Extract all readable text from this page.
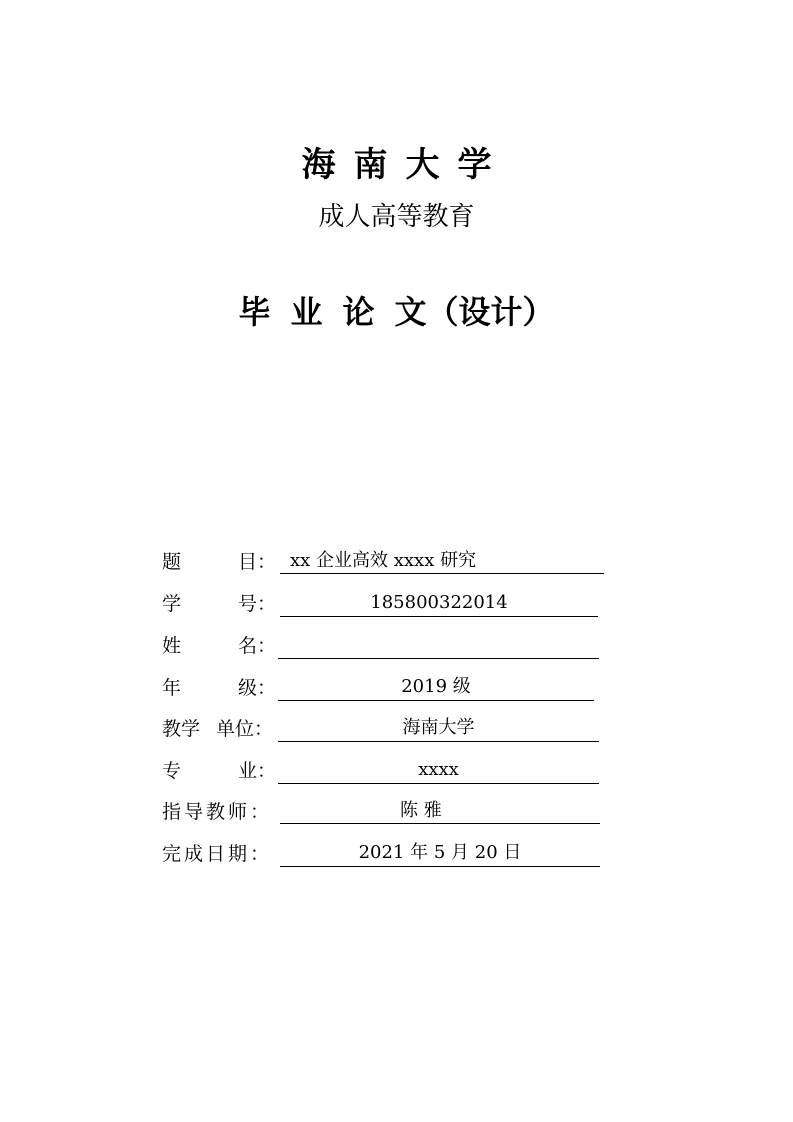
海南大学
成人高等教育
毕 业 论 文（设计）
题	目： xx 企业高效 xxxx 研究
学	号：	185800322014
姓	名：
年	级：	2019 级
教学 单位：	海南大学
专	业：	xxxx
指导教师：	陈 雅
完成日期：	2021 年 5 月 20 日
